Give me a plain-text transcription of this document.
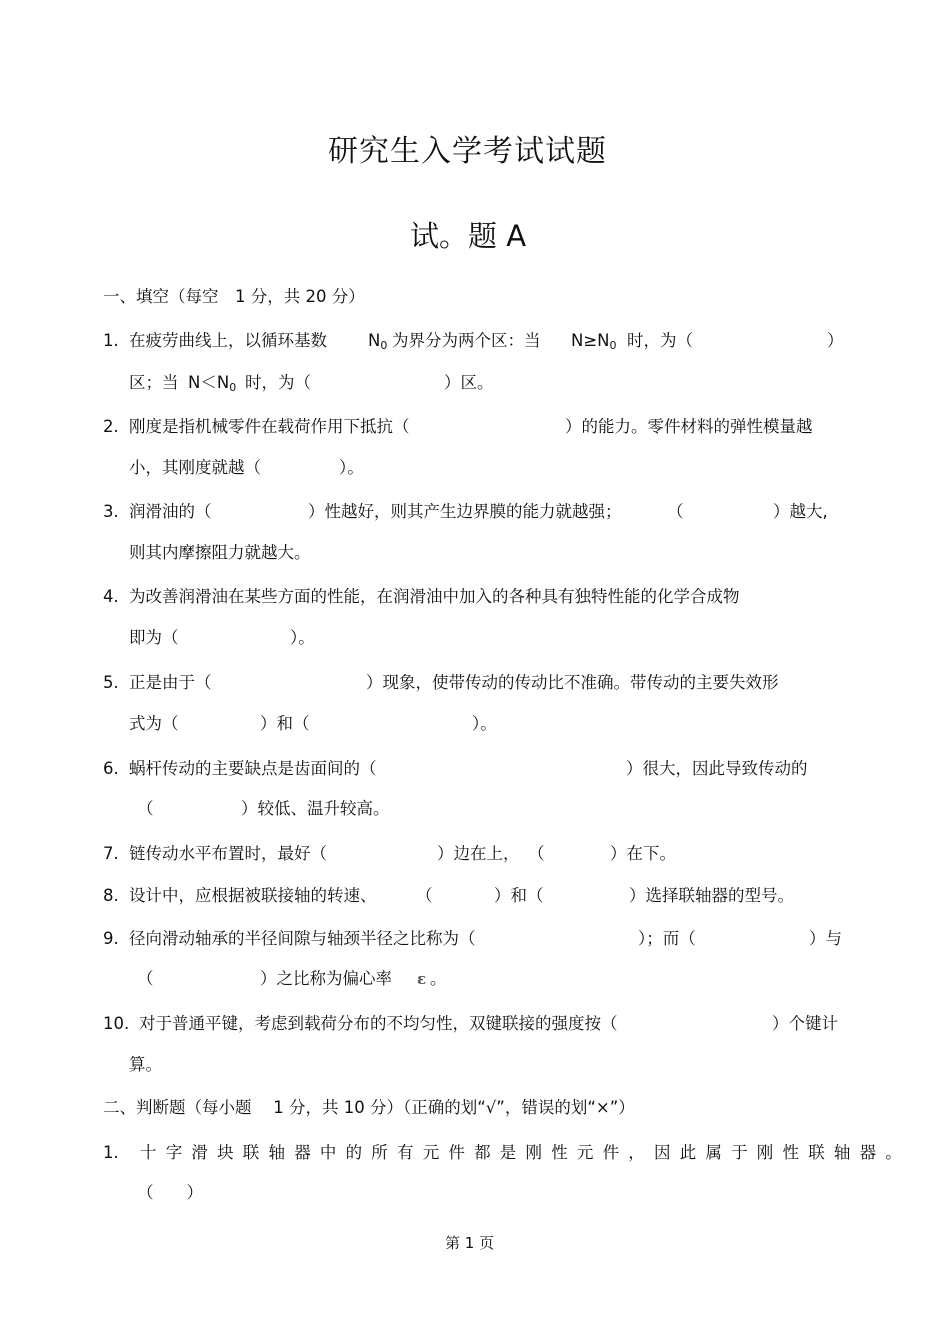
研究生入学考试试题
试。题 A
一、填空（每空　1 分，共 20 分）
1. 在疲劳曲线上，以循环基数 $N_0$ 为界分为两个区：当 $N\ge N_0$ 时，为（	）
区；当 $N<N_0$ 时，为（	）区。
2. 刚度是指机械零件在载荷作用下抵抗（	）的能力。零件材料的弹性模量越
小，其刚度就越（	）。
3. 润滑油的（	）性越好，则其产生边界膜的能力就越强；	（	）越大,
则其内摩擦阻力就越大。
4. 为改善润滑油在某些方面的性能，在润滑油中加入的各种具有独特性能的化学合成物
即为（	）。
5. 正是由于（	）现象，使带传动的传动比不准确。带传动的主要失效形
式为（	）和（	）。
6. 蜗杆传动的主要缺点是齿面间的（	）很大，因此导致传动的
（	）较低、温升较高。
7. 链传动水平布置时，最好（	）边在上， （	）在下。
8. 设计中，应根据被联接轴的转速、 （	）和（	）选择联轴器的型号。
9. 径向滑动轴承的半径间隙与轴颈半径之比称为（	）；而（	）与
（	）之比称为偏心率 ε 。
10. 对于普通平键，考虑到载荷分布的不均匀性，双键联接的强度按（	）个键计
算。
二、判断题（每小题　 1 分，共 10 分）（正确的划“√”，错误的划“×”）
1. 十字滑块联轴器中的所有元件都是刚性元件，因此属于刚性联轴器。
（　　）
第 1 页
